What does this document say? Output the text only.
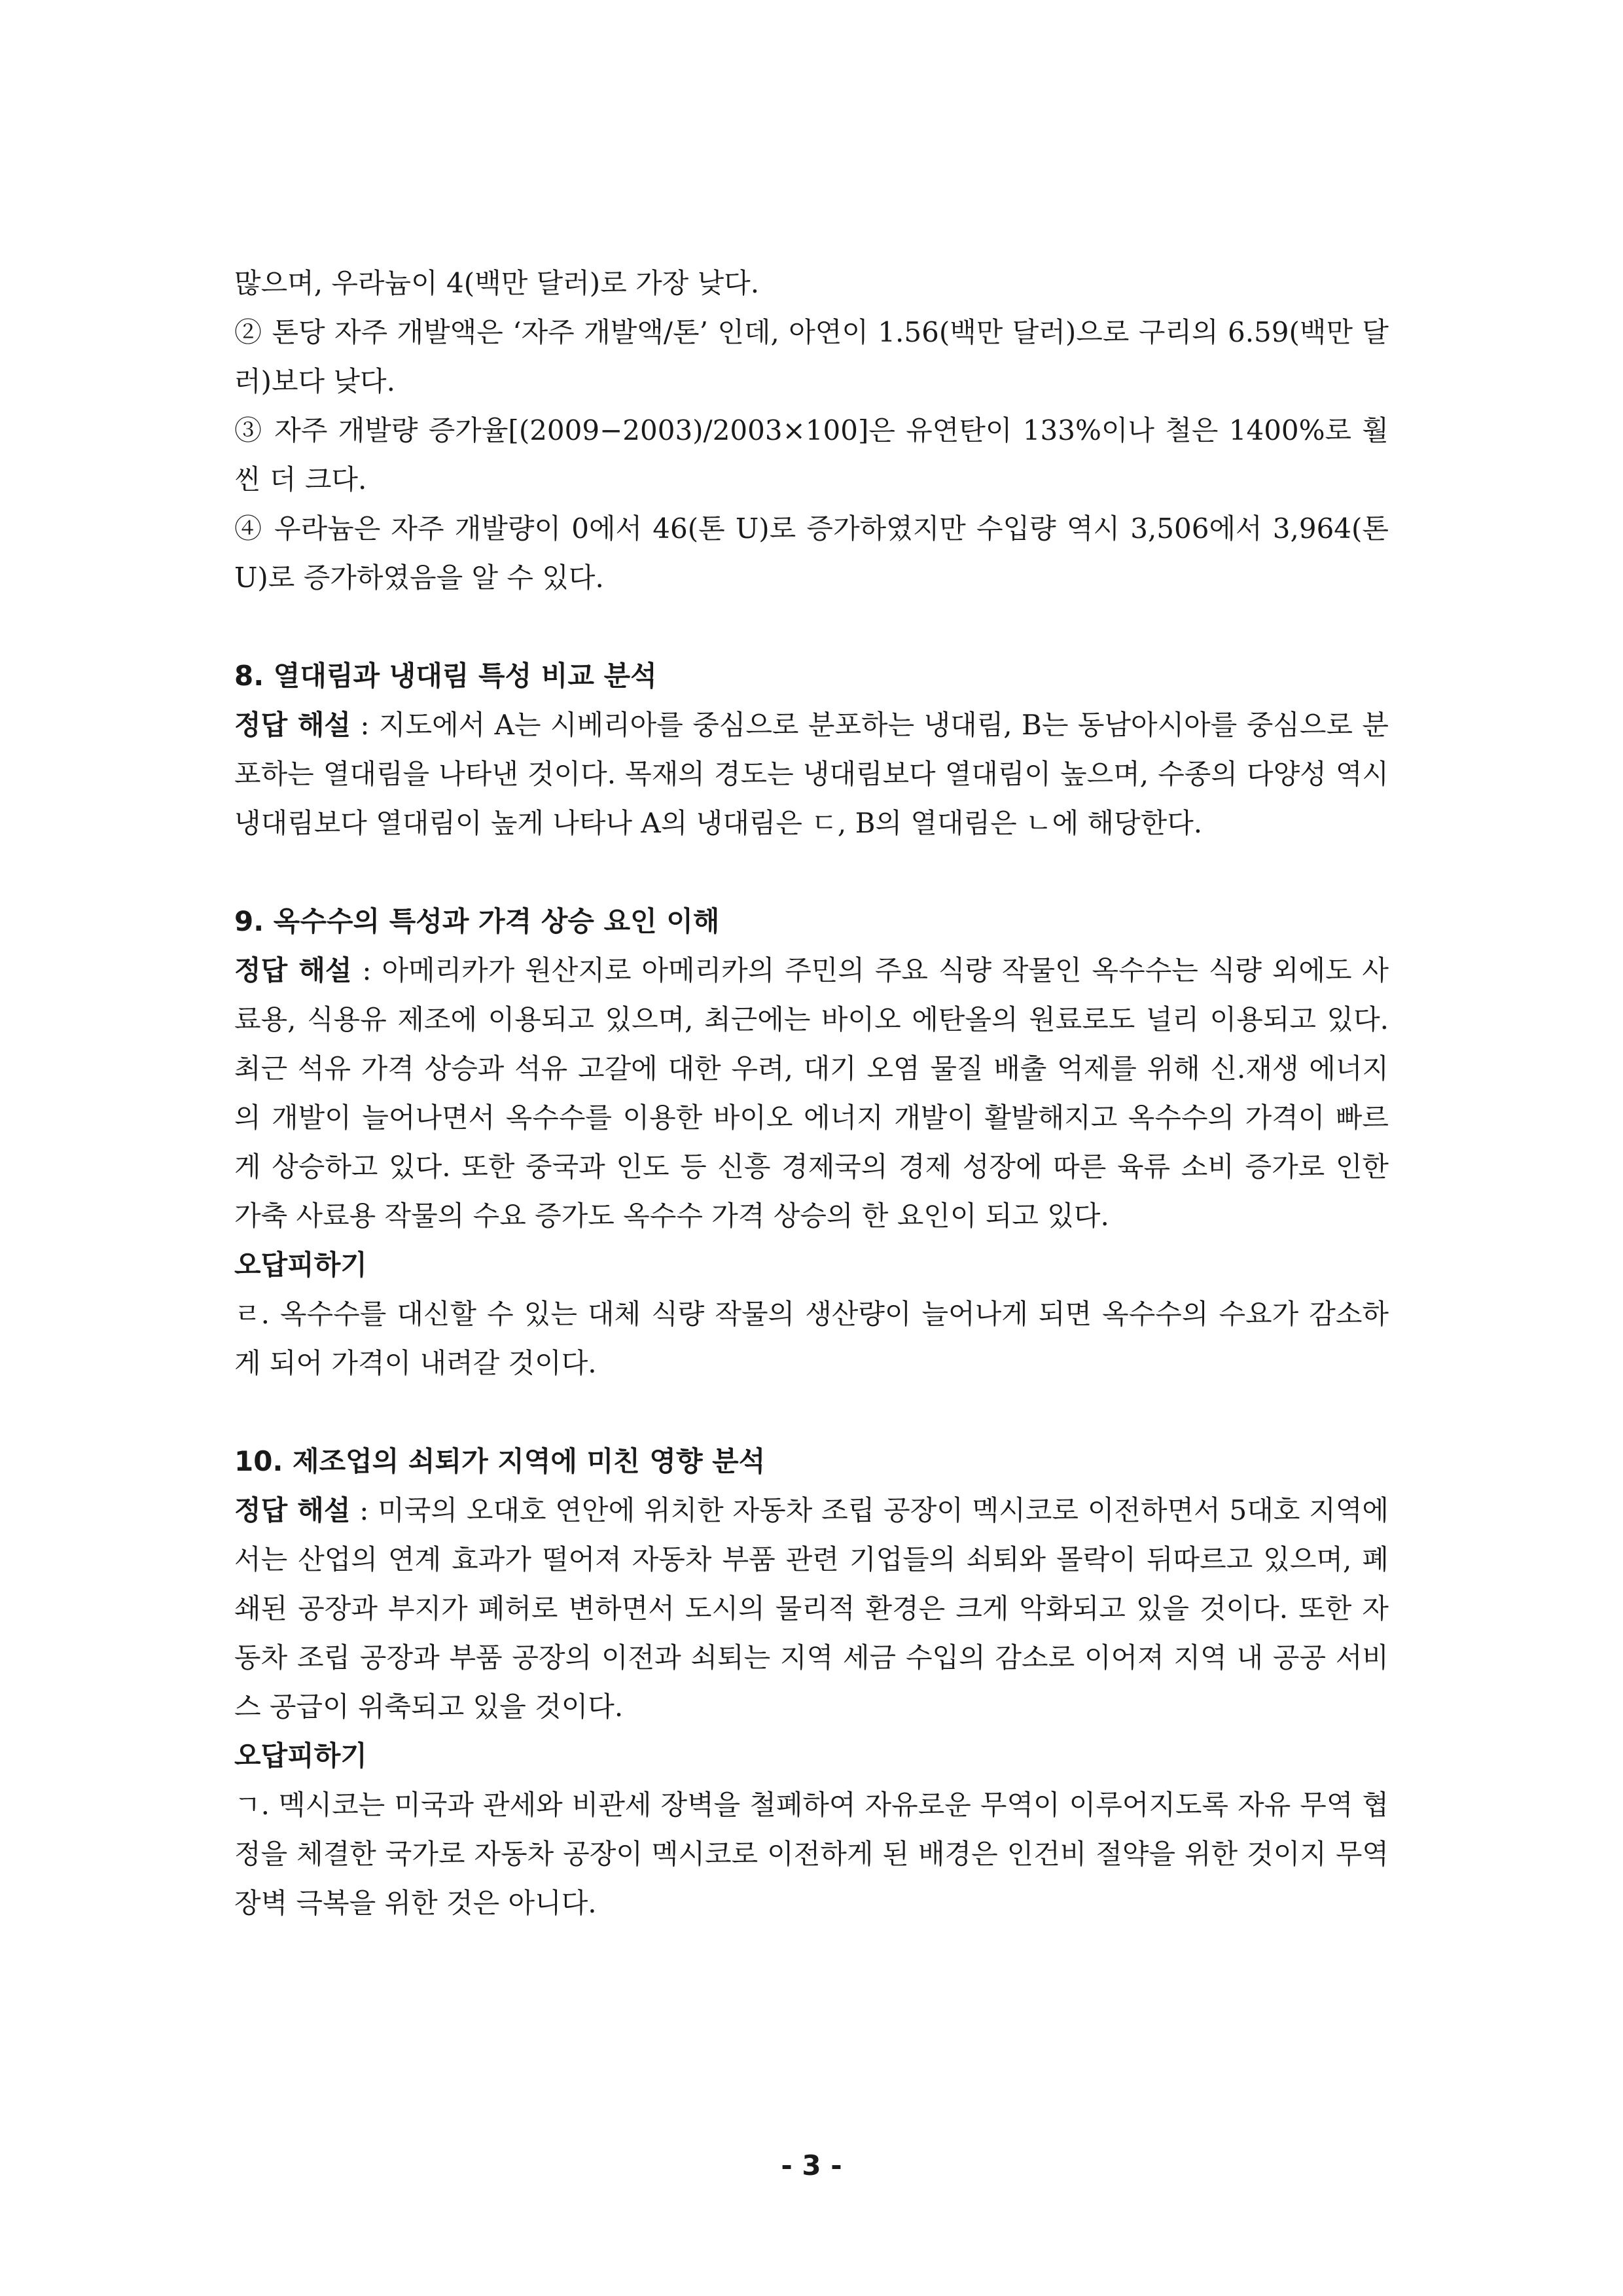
많으며, 우라늄이 4(백만 달러)로 가장 낮다.

② 톤당 자주 개발액은 ‘자주 개발액/톤’ 인데, 아연이 1.56(백만 달러)으로 구리의 6.59(백만 달러)보다 낮다.

③ 자주 개발량 증가율[(2009−2003)/2003×100]은 유연탄이 133%이나 철은 1400%로 훨씬 더 크다.

④ 우라늄은 자주 개발량이 0에서 46(톤 U)로 증가하였지만 수입량 역시 3,506에서 3,964(톤 U)로 증가하였음을 알 수 있다.

8. 열대림과 냉대림 특성 비교 분석

정답 해설 : 지도에서 A는 시베리아를 중심으로 분포하는 냉대림, B는 동남아시아를 중심으로 분포하는 열대림을 나타낸 것이다. 목재의 경도는 냉대림보다 열대림이 높으며, 수종의 다양성 역시 냉대림보다 열대림이 높게 나타나 A의 냉대림은 ㄷ, B의 열대림은 ㄴ에 해당한다.

9. 옥수수의 특성과 가격 상승 요인 이해

정답 해설 : 아메리카가 원산지로 아메리카의 주민의 주요 식량 작물인 옥수수는 식량 외에도 사료용, 식용유 제조에 이용되고 있으며, 최근에는 바이오 에탄올의 원료로도 널리 이용되고 있다. 최근 석유 가격 상승과 석유 고갈에 대한 우려, 대기 오염 물질 배출 억제를 위해 신.재생 에너지의 개발이 늘어나면서 옥수수를 이용한 바이오 에너지 개발이 활발해지고 옥수수의 가격이 빠르게 상승하고 있다. 또한 중국과 인도 등 신흥 경제국의 경제 성장에 따른 육류 소비 증가로 인한 가축 사료용 작물의 수요 증가도 옥수수 가격 상승의 한 요인이 되고 있다.

오답피하기

ㄹ. 옥수수를 대신할 수 있는 대체 식량 작물의 생산량이 늘어나게 되면 옥수수의 수요가 감소하게 되어 가격이 내려갈 것이다.

10. 제조업의 쇠퇴가 지역에 미친 영향 분석

정답 해설 : 미국의 오대호 연안에 위치한 자동차 조립 공장이 멕시코로 이전하면서 5대호 지역에서는 산업의 연계 효과가 떨어져 자동차 부품 관련 기업들의 쇠퇴와 몰락이 뒤따르고 있으며, 폐쇄된 공장과 부지가 폐허로 변하면서 도시의 물리적 환경은 크게 악화되고 있을 것이다. 또한 자동차 조립 공장과 부품 공장의 이전과 쇠퇴는 지역 세금 수입의 감소로 이어져 지역 내 공공 서비스 공급이 위축되고 있을 것이다.

오답피하기

ㄱ. 멕시코는 미국과 관세와 비관세 장벽을 철폐하여 자유로운 무역이 이루어지도록 자유 무역 협정을 체결한 국가로 자동차 공장이 멕시코로 이전하게 된 배경은 인건비 절약을 위한 것이지 무역 장벽 극복을 위한 것은 아니다.

- 3 -
